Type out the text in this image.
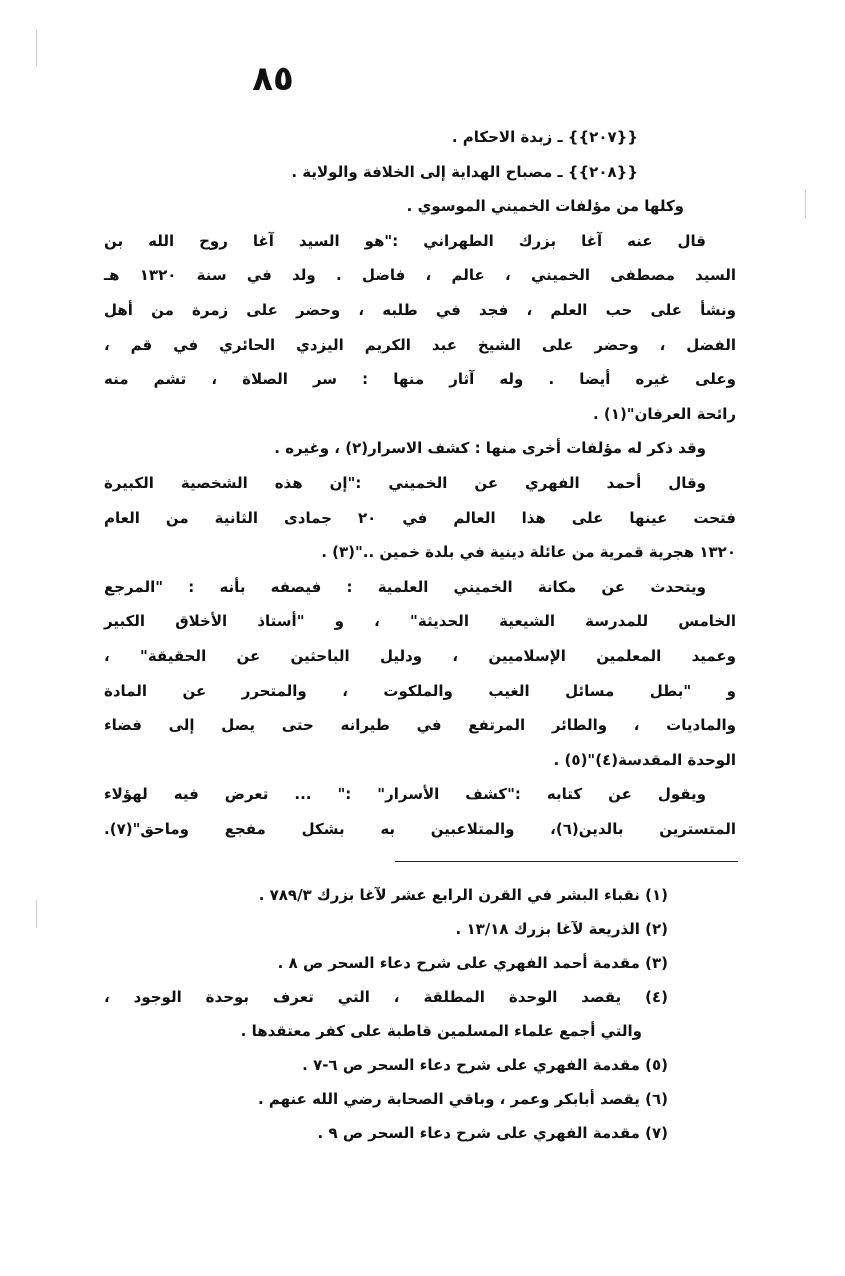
٨٥
{{٢٠٧}} ـ زبدة الاحكام .
{{٢٠٨}} ـ مصباح الهداية إلى الخلافة والولاية .
وكلها من مؤلفات الخميني الموسوي .
قال عنه آغا بزرك الطهراني :"هو السيد آغا روح الله بن
السيد مصطفى الخميني ، عالم ، فاضل . ولد في سنة ١٣٢٠ هـ
ونشأ على حب العلم ، فجد في طلبه ، وحضر على زمرة من أهل
الفضل ، وحضر على الشيخ عبد الكريم اليزدي الحائري في قم ،
وعلى غيره أيضا . وله آثار منها : سر الصلاة ، تشم منه
رائحة العرفان"(١) .
وقد ذكر له مؤلفات أخرى منها : كشف الاسرار(٢) ، وغيره .
وقال أحمد الفهري عن الخميني :"إن هذه الشخصية الكبيرة
فتحت عينها على هذا العالم في ٢٠ جمادى الثانية من العام
١٣٢٠ هجرية قمرية من عائلة دينية في بلدة خمين .."(٣) .
ويتحدث عن مكانة الخميني العلمية : فيصفه بأنه : "المرجع
الخامس للمدرسة الشيعية الحديثة" ، و "أستاذ الأخلاق الكبير
وعميد المعلمين الإسلاميين ، ودليل الباحثين عن الحقيقة" ،
و "بطل مسائل الغيب والملكوت ، والمتحرر عن المادة
والماديات ، والطائر المرتفع في طيرانه حتى يصل إلى فضاء
الوحدة المقدسة(٤)"(٥) .
ويقول عن كتابه :"كشف الأسرار" :" ... تعرض فيه لهؤلاء
المتسترين بالدين(٦)، والمتلاعبين به بشكل مفجع وماحق"(٧).
(١) نقباء البشر في القرن الرابع عشر لآغا بزرك ٧٨٩/٣ .
(٢) الذريعة لآغا بزرك ١٣/١٨ .
(٣) مقدمة أحمد الفهري على شرح دعاء السحر ص ٨ .
(٤) يقصد الوحدة المطلقة ، التي تعرف بوحدة الوجود ،
والتي أجمع علماء المسلمين قاطبة على كفر معتقدها .
(٥) مقدمة الفهري على شرح دعاء السحر ص ٦-٧ .
(٦) يقصد أبابكر وعمر ، وباقي الصحابة رضي الله عنهم .
(٧) مقدمة الفهري على شرح دعاء السحر ص ٩ .
